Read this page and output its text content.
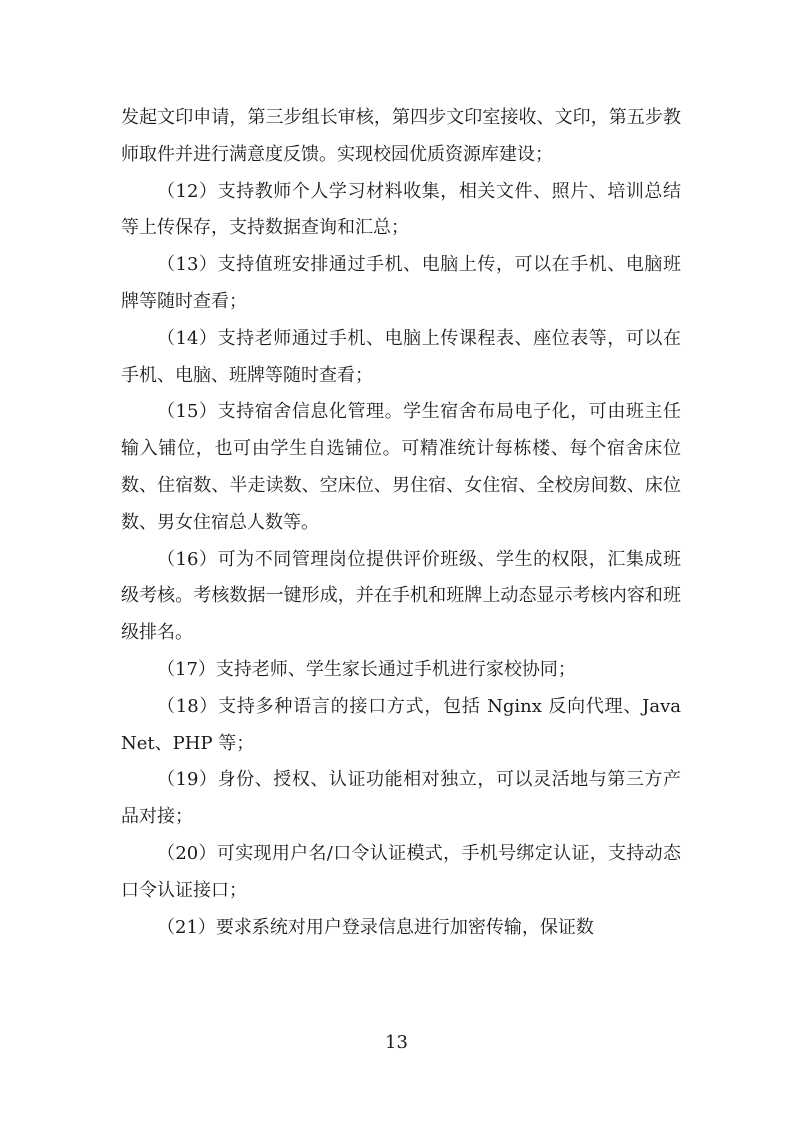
发起文印申请，第三步组长审核，第四步文印室接收、文印，第五步教师取件并进行满意度反馈。实现校园优质资源库建设；

（12）支持教师个人学习材料收集，相关文件、照片、培训总结等上传保存，支持数据查询和汇总；

（13）支持值班安排通过手机、电脑上传，可以在手机、电脑班牌等随时查看；

（14）支持老师通过手机、电脑上传课程表、座位表等，可以在手机、电脑、班牌等随时查看；

（15）支持宿舍信息化管理。学生宿舍布局电子化，可由班主任输入铺位，也可由学生自选铺位。可精准统计每栋楼、每个宿舍床位数、住宿数、半走读数、空床位、男住宿、女住宿、全校房间数、床位数、男女住宿总人数等。

（16）可为不同管理岗位提供评价班级、学生的权限，汇集成班级考核。考核数据一键形成，并在手机和班牌上动态显示考核内容和班级排名。

（17）支持老师、学生家长通过手机进行家校协同；

（18）支持多种语言的接口方式，包括 Nginx 反向代理、Java Net、PHP 等；

（19）身份、授权、认证功能相对独立，可以灵活地与第三方产品对接；

（20）可实现用户名/口令认证模式，手机号绑定认证，支持动态口令认证接口；

（21）要求系统对用户登录信息进行加密传输，保证数

13
